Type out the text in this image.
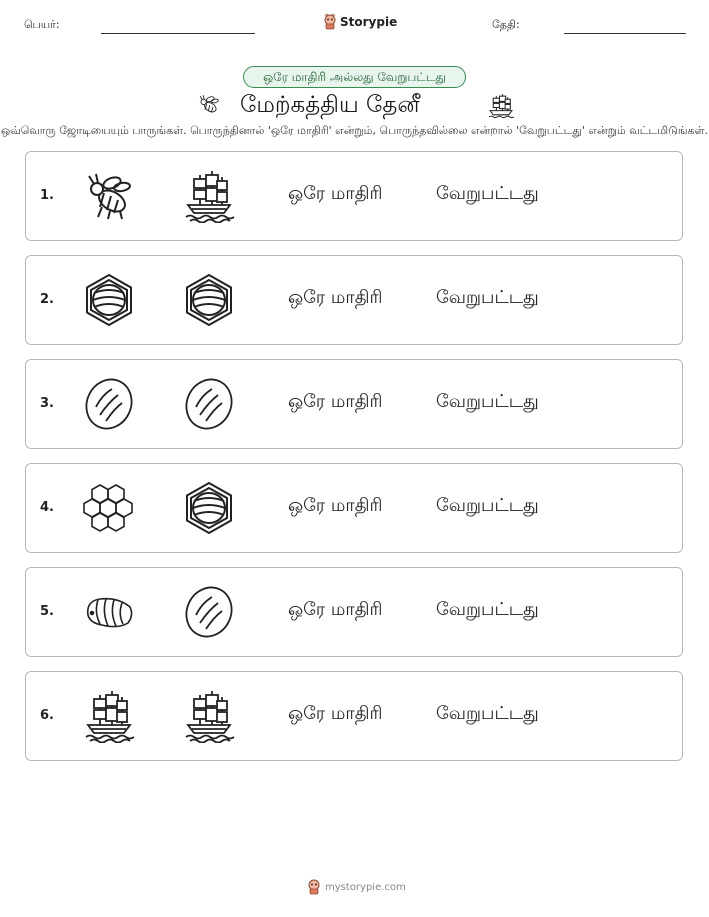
பெயர்:	Storypie	தேதி:
ஒரே மாதிரி அல்லது வேறுபட்டது
மேற்கத்திய தேனீ
ஒவ்வொரு ஜோடியையும் பாருங்கள். பொருந்தினால் 'ஒரே மாதிரி' என்றும், பொருந்தவில்லை என்றால் 'வேறுபட்டது' என்றும் வட்டமிடுங்கள்.
1.	ஒரே மாதிரி	வேறுபட்டது
2.	ஒரே மாதிரி	வேறுபட்டது
3.	ஒரே மாதிரி	வேறுபட்டது
4.	ஒரே மாதிரி	வேறுபட்டது
5.	ஒரே மாதிரி	வேறுபட்டது
6.	ஒரே மாதிரி	வேறுபட்டது
mystorypie.com
